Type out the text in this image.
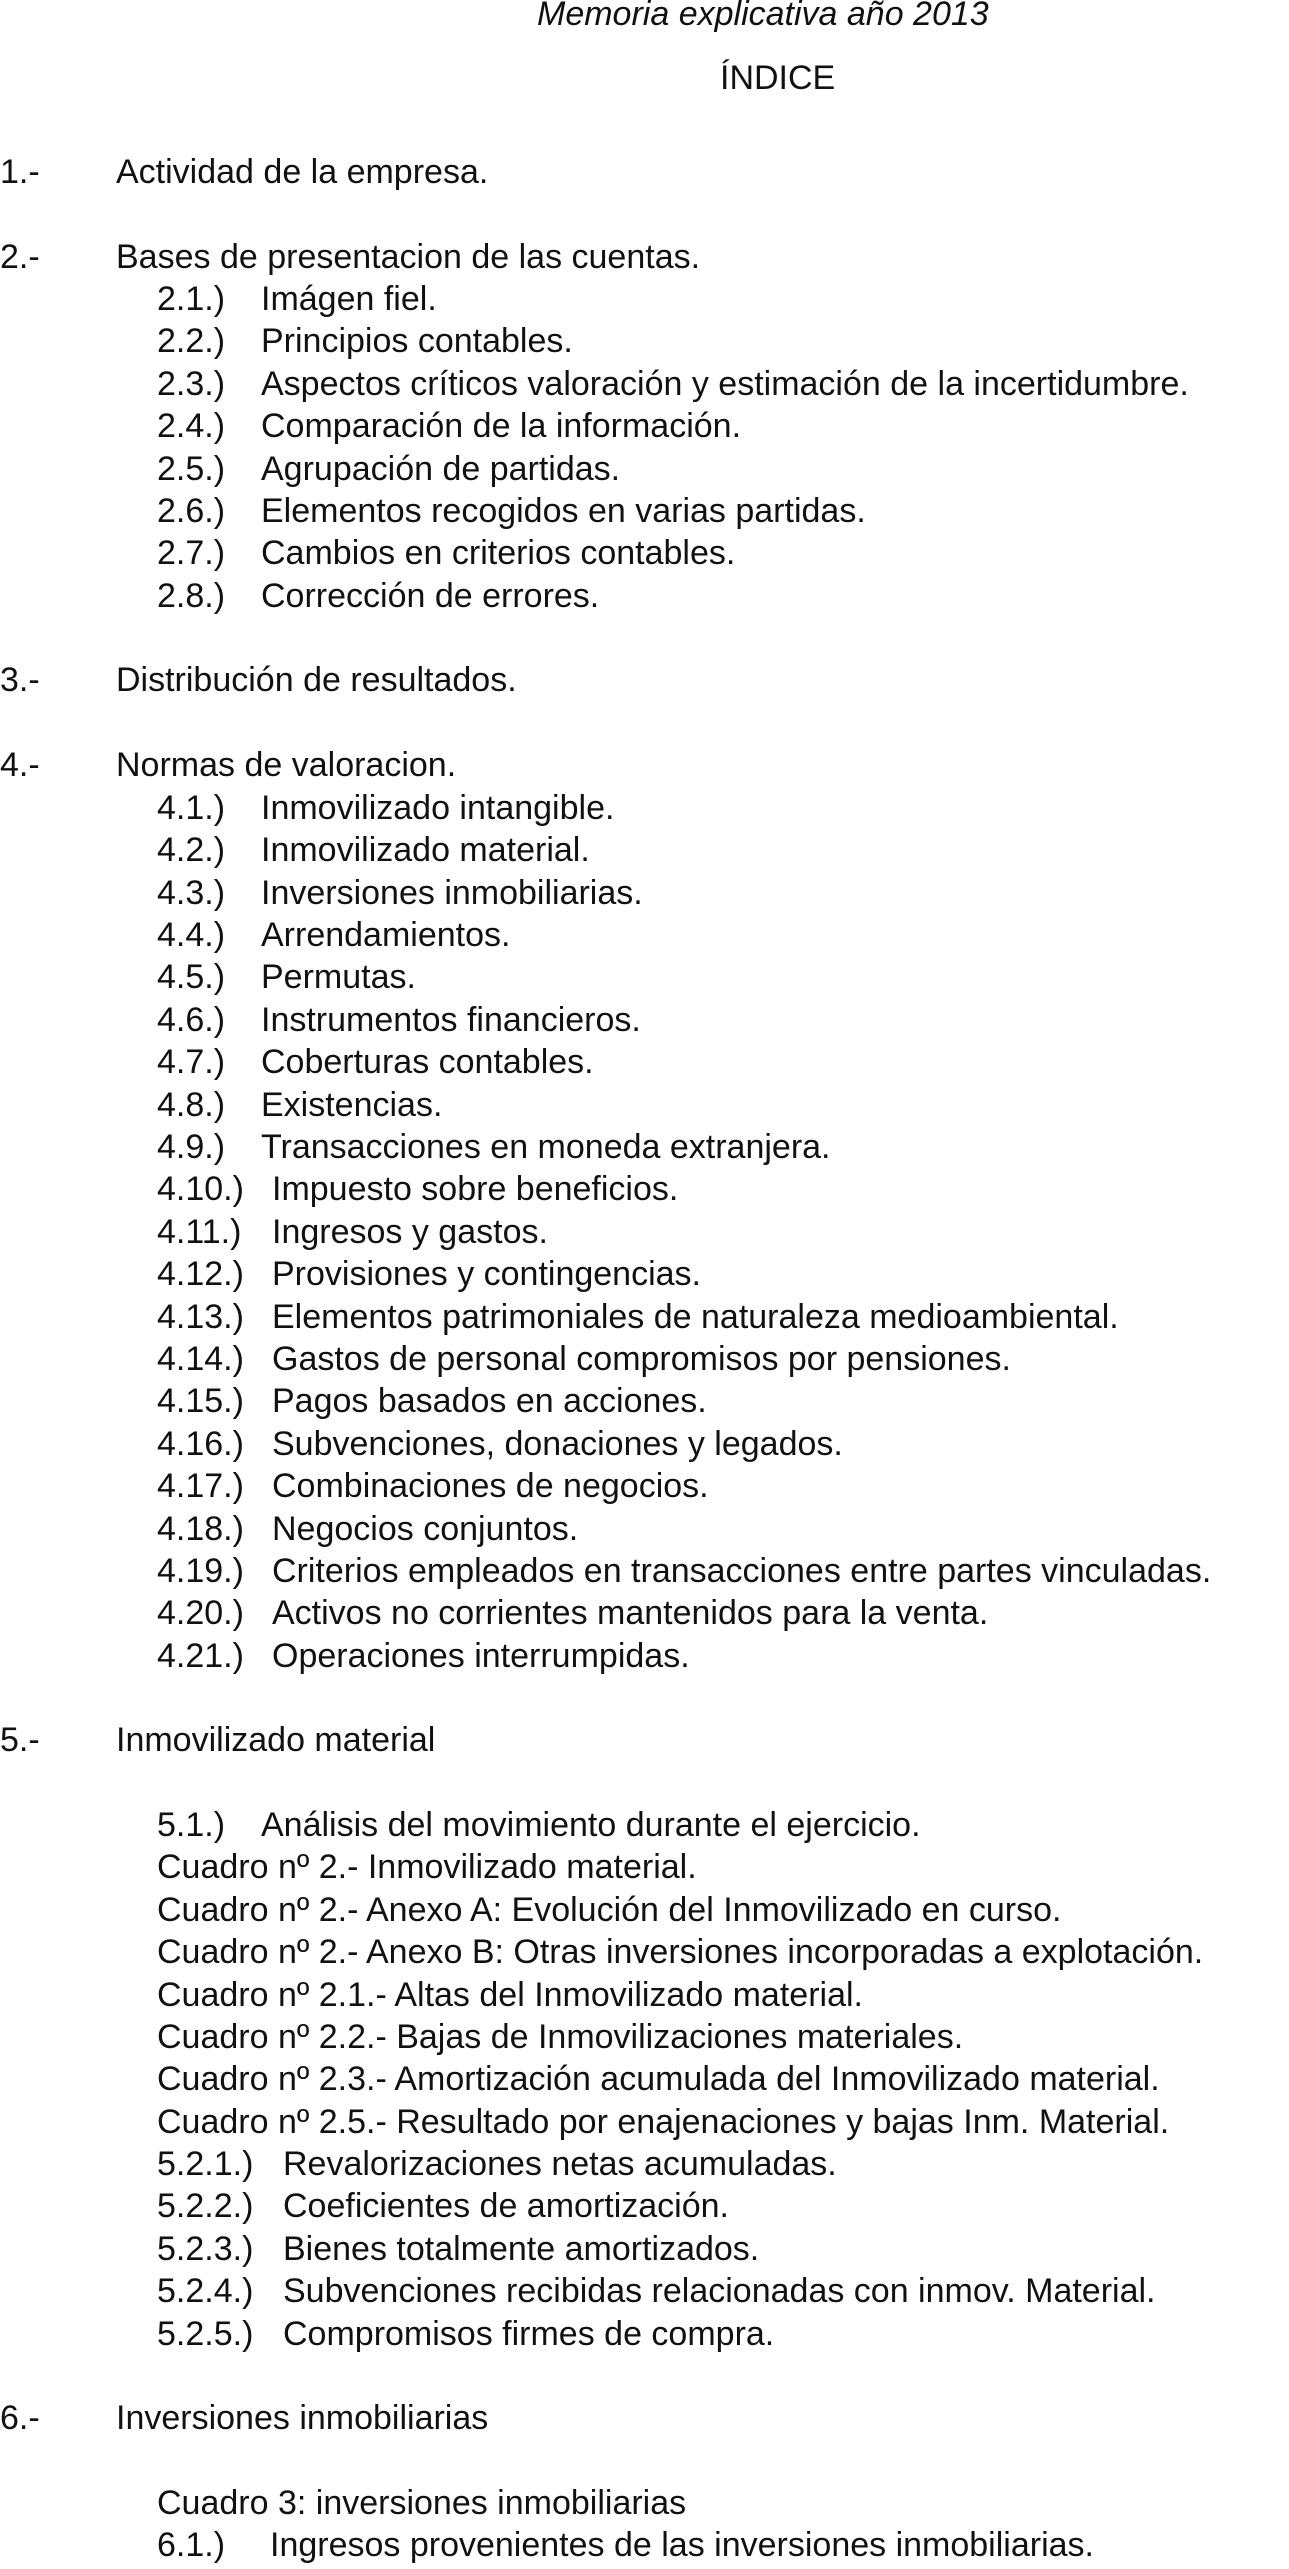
Memoria explicativa año 2013
ÍNDICE
1.- Actividad de la empresa.
2.- Bases de presentacion de las cuentas.
2.1.) Imágen fiel.
2.2.) Principios contables.
2.3.) Aspectos críticos valoración y estimación de la incertidumbre.
2.4.) Comparación de la información.
2.5.) Agrupación de partidas.
2.6.) Elementos recogidos en varias partidas.
2.7.) Cambios en criterios contables.
2.8.) Corrección de errores.
3.- Distribución de resultados.
4.- Normas de valoracion.
4.1.) Inmovilizado intangible.
4.2.) Inmovilizado material.
4.3.) Inversiones inmobiliarias.
4.4.) Arrendamientos.
4.5.) Permutas.
4.6.) Instrumentos financieros.
4.7.) Coberturas contables.
4.8.) Existencias.
4.9.) Transacciones en moneda extranjera.
4.10.) Impuesto sobre beneficios.
4.11.) Ingresos y gastos.
4.12.) Provisiones y contingencias.
4.13.) Elementos patrimoniales de naturaleza medioambiental.
4.14.) Gastos de personal compromisos por pensiones.
4.15.) Pagos basados en acciones.
4.16.) Subvenciones, donaciones y legados.
4.17.) Combinaciones de negocios.
4.18.) Negocios conjuntos.
4.19.) Criterios empleados en transacciones entre partes vinculadas.
4.20.) Activos no corrientes mantenidos para la venta.
4.21.) Operaciones interrumpidas.
5.- Inmovilizado material
5.1.) Análisis del movimiento durante el ejercicio.
Cuadro nº 2.- Inmovilizado material.
Cuadro nº 2.- Anexo A: Evolución del Inmovilizado en curso.
Cuadro nº 2.- Anexo B: Otras inversiones incorporadas a explotación.
Cuadro nº 2.1.- Altas del Inmovilizado material.
Cuadro nº 2.2.- Bajas de Inmovilizaciones materiales.
Cuadro nº 2.3.- Amortización acumulada del Inmovilizado material.
Cuadro nº 2.5.- Resultado por enajenaciones y bajas Inm. Material.
5.2.1.) Revalorizaciones netas acumuladas.
5.2.2.) Coeficientes de amortización.
5.2.3.) Bienes totalmente amortizados.
5.2.4.) Subvenciones recibidas relacionadas con inmov. Material.
5.2.5.) Compromisos firmes de compra.
6.- Inversiones inmobiliarias
Cuadro 3: inversiones inmobiliarias
6.1.) Ingresos provenientes de las inversiones inmobiliarias.
